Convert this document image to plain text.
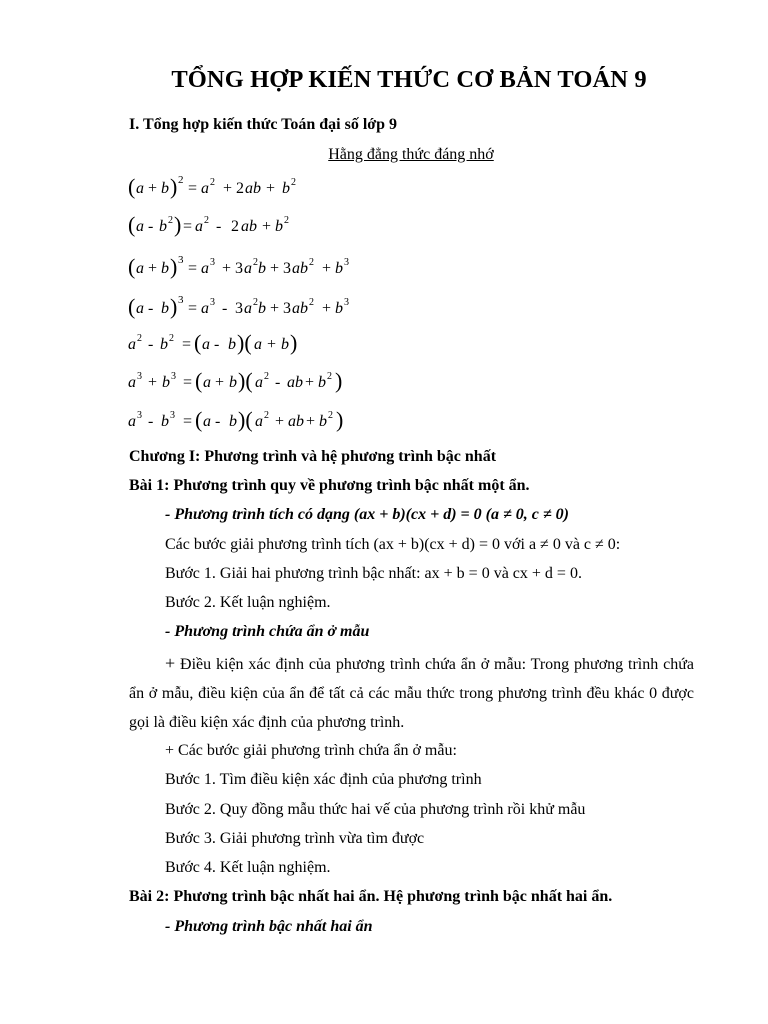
TỔNG HỢP KIẾN THỨC CƠ BẢN TOÁN 9
I. Tổng hợp kiến thức Toán đại số lớp 9
Hằng đẳng thức đáng nhớ
( a + b ) 2 = a 2 + 2 ab + b 2
( a - b 2 ) = a 2 - 2 ab + b 2
( a + b ) 3 = a 3 + 3 a 2 b + 3 ab 2 + b 3
( a - b ) 3 = a 3 - 3 a 2 b + 3 ab 2 + b 3
a 2 - b 2 = ( a - b )( a + b )
a 3 + b 3 = ( a + b )( a 2 - ab + b 2 )
a 3 - b 3 = ( a - b )( a 2 + ab + b 2 )
Chương I: Phương trình và hệ phương trình bậc nhất
Bài 1: Phương trình quy về phương trình bậc nhất một ẩn.
- Phương trình tích có dạng (ax + b)(cx + d) = 0 (a ≠ 0, c ≠ 0)
Các bước giải phương trình tích (ax + b)(cx + d) = 0 với a ≠ 0 và c ≠ 0:
Bước 1. Giải hai phương trình bậc nhất: ax + b = 0 và cx + d = 0.
Bước 2. Kết luận nghiệm.
- Phương trình chứa ẩn ở mẫu
+ Điều kiện xác định của phương trình chứa ẩn ở mẫu: Trong phương trình chứa ẩn ở mẫu, điều kiện của ẩn để tất cả các mẫu thức trong phương trình đều khác 0 được gọi là điều kiện xác định của phương trình.
+ Các bước giải phương trình chứa ẩn ở mẫu:
Bước 1. Tìm điều kiện xác định của phương trình
Bước 2. Quy đồng mẫu thức hai vế của phương trình rồi khử mẫu
Bước 3. Giải phương trình vừa tìm được
Bước 4. Kết luận nghiệm.
Bài 2: Phương trình bậc nhất hai ẩn. Hệ phương trình bậc nhất hai ẩn.
- Phương trình bậc nhất hai ẩn
